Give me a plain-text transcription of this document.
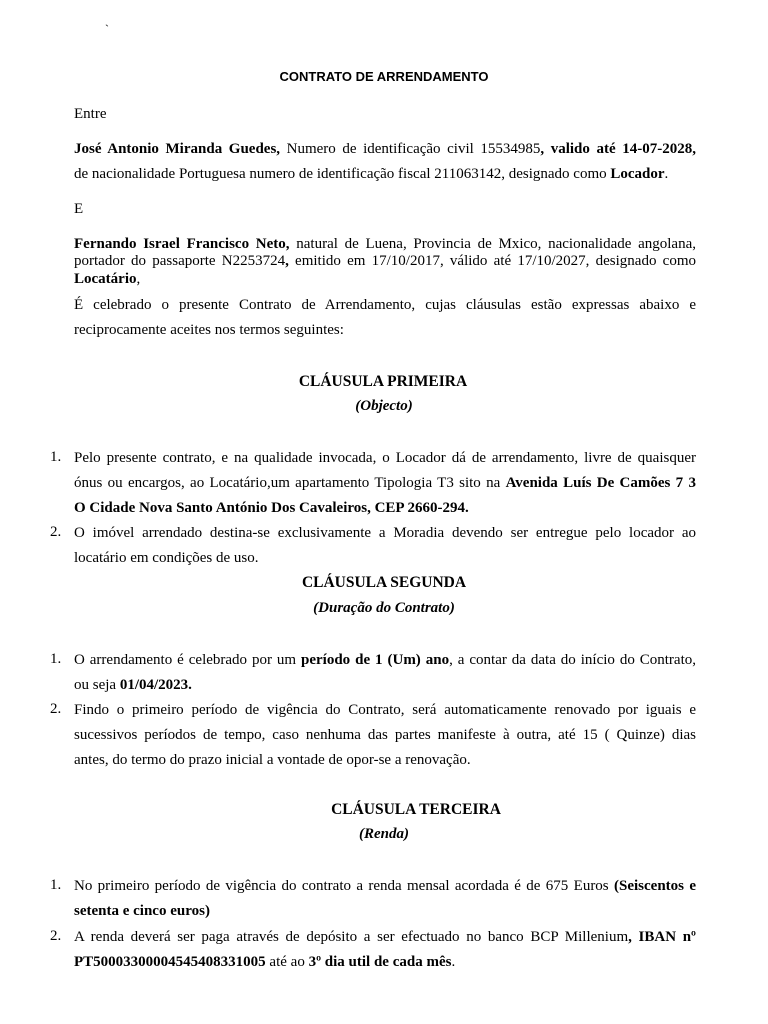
`
CONTRATO DE ARRENDAMENTO
Entre
José Antonio Miranda Guedes, Numero de identificação civil 15534985, valido até 14-07-2028,
de nacionalidade Portuguesa numero de identificação fiscal 211063142, designado como Locador.
E
Fernando Israel Francisco Neto, natural de Luena, Provincia de Mxico, nacionalidade angolana,
portador do passaporte N2253724, emitido em 17/10/2017, válido até 17/10/2027, designado como
Locatário,
É celebrado o presente Contrato de Arrendamento, cujas cláusulas estão expressas abaixo e
reciprocamente aceites nos termos seguintes:
CLÁUSULA PRIMEIRA
(Objecto)
1. Pelo presente contrato, e na qualidade invocada, o Locador dá de arrendamento, livre de quaisquer
ónus ou encargos, ao Locatário,um apartamento Tipologia T3 sito na Avenida Luís De Camões 7 3
O Cidade Nova Santo António Dos Cavaleiros, CEP 2660-294.
2. O imóvel arrendado destina-se exclusivamente a Moradia devendo ser entregue pelo locador ao
locatário em condições de uso.
CLÁUSULA SEGUNDA
(Duração do Contrato)
1. O arrendamento é celebrado por um período de 1 (Um) ano, a contar da data do início do Contrato,
ou seja 01/04/2023.
2. Findo o primeiro período de vigência do Contrato, será automaticamente renovado por iguais e
sucessivos períodos de tempo, caso nenhuma das partes manifeste à outra, até 15 ( Quinze) dias
antes, do termo do prazo inicial a vontade de opor-se a renovação.
CLÁUSULA TERCEIRA
(Renda)
1. No primeiro período de vigência do contrato a renda mensal acordada é de 675 Euros (Seiscentos e
setenta e cinco euros)
2. A renda deverá ser paga através de depósito a ser efectuado no banco BCP Millenium, IBAN nº
PT50003300004545408331005 até ao 3º dia util de cada mês.
